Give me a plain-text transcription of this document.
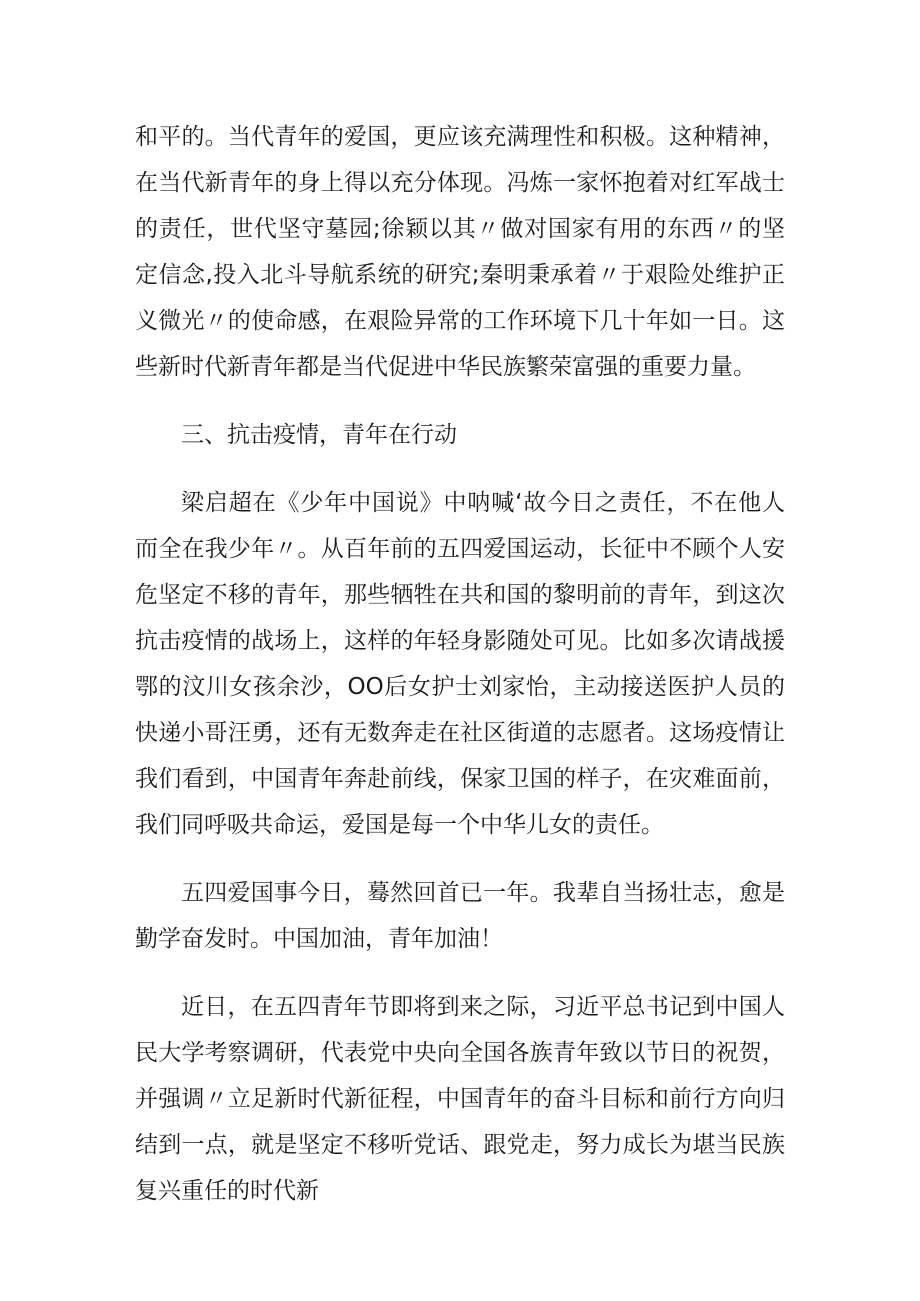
和平的。当代青年的爱国，更应该充满理性和积极。这种精神，在当代新青年的身上得以充分体现。冯炼一家怀抱着对红军战士的责任，世代坚守墓园;徐颖以其〃做对国家有用的东西〃的坚定信念,投入北斗导航系统的研究;秦明秉承着〃于艰险处维护正义微光〃的使命感，在艰险异常的工作环境下几十年如一日。这些新时代新青年都是当代促进中华民族繁荣富强的重要力量。

三、抗击疫情，青年在行动

梁启超在《少年中国说》中呐喊‘故今日之责任，不在他人而全在我少年〃。从百年前的五四爱国运动，长征中不顾个人安危坚定不移的青年，那些牺牲在共和国的黎明前的青年，到这次抗击疫情的战场上，这样的年轻身影随处可见。比如多次请战援鄂的汶川女孩余沙，OO后女护士刘家怡，主动接送医护人员的快递小哥汪勇，还有无数奔走在社区街道的志愿者。这场疫情让我们看到，中国青年奔赴前线，保家卫国的样子，在灾难面前，我们同呼吸共命运，爱国是每一个中华儿女的责任。

五四爱国事今日，蓦然回首已一年。我辈自当扬壮志，愈是勤学奋发时。中国加油，青年加油！

近日，在五四青年节即将到来之际，习近平总书记到中国人民大学考察调研，代表党中央向全国各族青年致以节日的祝贺，并强调〃立足新时代新征程，中国青年的奋斗目标和前行方向归结到一点，就是坚定不移听党话、跟党走，努力成长为堪当民族复兴重任的时代新
